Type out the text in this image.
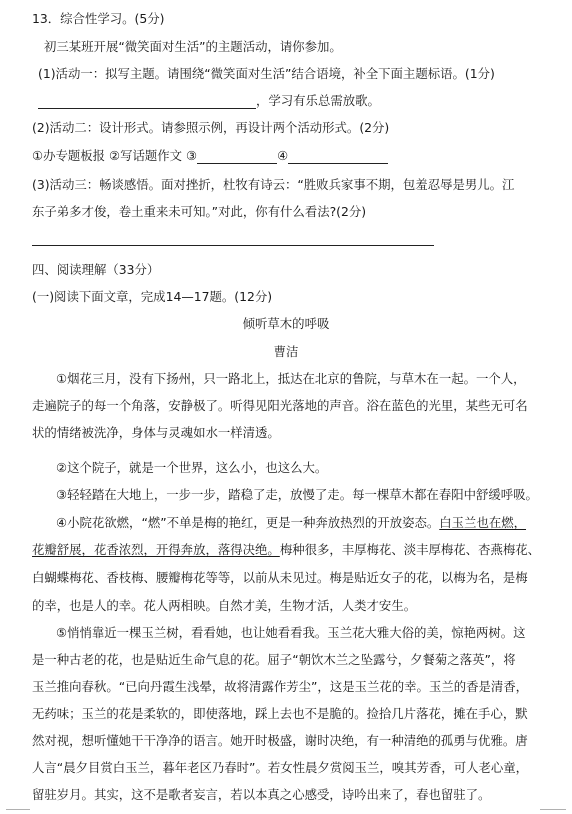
13．综合性学习。(5分)
初三某班开展“微笑面对生活”的主题活动，请你参加。
(1)活动一：拟写主题。请围绕“微笑面对生活”结合语境，补全下面主题标语。(1分)
，学习有乐总需放歌。
(2)活动二：设计形式。请参照示例，再设计两个活动形式。(2分)
①办专题板报 ②写话题作文 ③	④
(3)活动三：畅谈感悟。面对挫折，杜牧有诗云：“胜败兵家事不期，包羞忍辱是男儿。江
东子弟多才俊，卷土重来未可知。”对此，你有什么看法?(2分)
四、阅读理解（33分）
(一)阅读下面文章，完成14—17题。(12分)
倾听草木的呼吸
曹洁
①烟花三月，没有下扬州，只一路北上，抵达在北京的鲁院，与草木在一起。一个人，
走遍院子的每一个角落，安静极了。听得见阳光落地的声音。浴在蓝色的光里，某些无可名
状的情绪被洗净，身体与灵魂如水一样清透。
②这个院子，就是一个世界，这么小，也这么大。
③轻轻踏在大地上，一步一步，踏稳了走，放慢了走。每一棵草木都在春阳中舒缓呼吸。
④小院花欲燃，“燃”不单是梅的艳红，更是一种奔放热烈的开放姿态。白玉兰也在燃，
花瓣舒展，花香浓烈，开得奔放，落得决绝。梅种很多，丰厚梅花、淡丰厚梅花、杏燕梅花、
白蝴蝶梅花、香枝梅、腰瓣梅花等等，以前从未见过。梅是贴近女子的花，以梅为名，是梅
的幸，也是人的幸。花人两相映。自然才美，生物才活，人类才安生。
⑤悄悄靠近一棵玉兰树，看看她，也让她看看我。玉兰花大雅大俗的美，惊艳两树。这
是一种古老的花，也是贴近生命气息的花。屈子“朝饮木兰之坠露兮，夕餐菊之落英”，将
玉兰推向春秋。“已向丹霞生浅晕，故将清露作芳尘”，这是玉兰花的幸。玉兰的香是清香，
无药味；玉兰的花是柔软的，即使落地，踩上去也不是脆的。捡拾几片落花，摊在手心，默
然对视，想听懂她干干净净的语言。她开时极盛，谢时决绝，有一种清绝的孤勇与优雅。唐
人言“晨夕目赏白玉兰，暮年老区乃春时”。若女性晨夕赏阅玉兰，嗅其芳香，可人老心童，
留驻岁月。其实，这不是歌者妄言，若以本真之心感受，诗吟出来了，春也留驻了。
